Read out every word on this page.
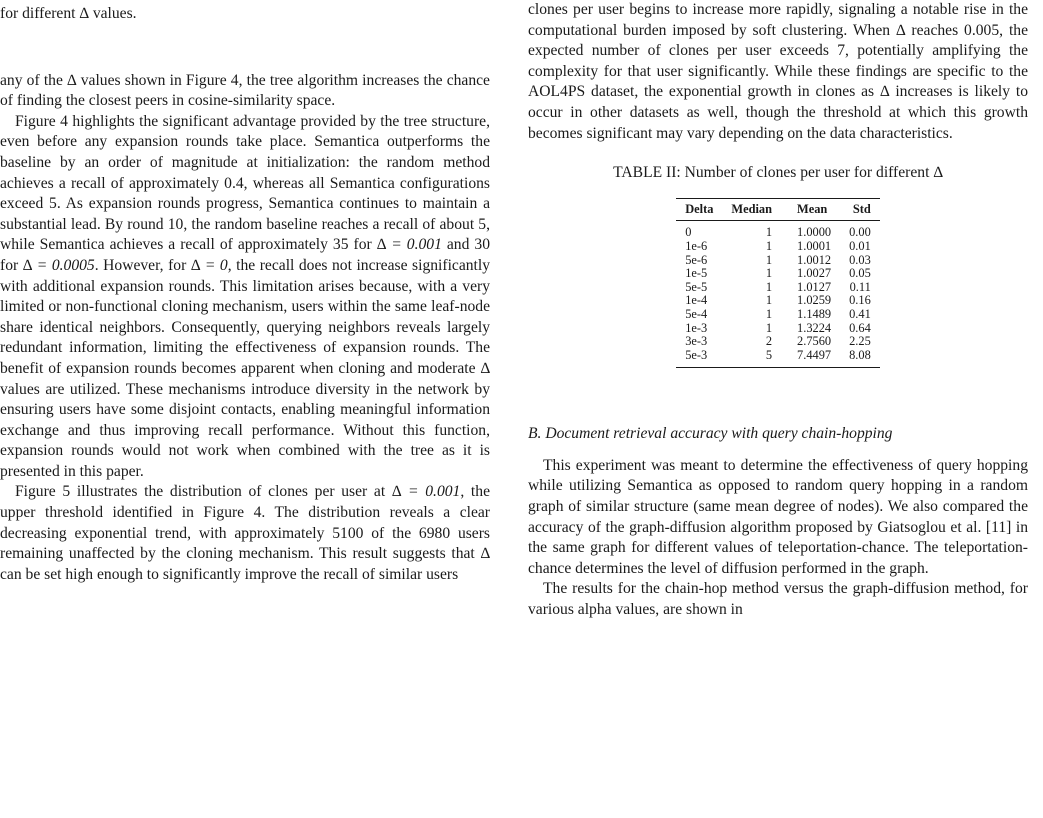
for different ∆ values.

any of the ∆ values shown in Figure 4, the tree algorithm increases the chance of finding the closest peers in cosine-similarity space.

Figure 4 highlights the significant advantage provided by the tree structure, even before any expansion rounds take place. Semantica outperforms the baseline by an order of magnitude at initialization: the random method achieves a recall of approximately 0.4, whereas all Semantica configurations exceed 5. As expansion rounds progress, Semantica continues to maintain a substantial lead. By round 10, the random baseline reaches a recall of about 5, while Semantica achieves a recall of approximately 35 for ∆ = 0.001 and 30 for ∆ = 0.0005. However, for ∆ = 0, the recall does not increase significantly with additional expansion rounds. This limitation arises because, with a very limited or non-functional cloning mechanism, users within the same leaf-node share identical neighbors. Consequently, querying neighbors reveals largely redundant information, limiting the effectiveness of expansion rounds. The benefit of expansion rounds becomes apparent when cloning and moderate ∆ values are utilized. These mechanisms introduce diversity in the network by ensuring users have some disjoint contacts, enabling meaningful information exchange and thus improving recall performance. Without this function, expansion rounds would not work when combined with the tree as it is presented in this paper.

Figure 5 illustrates the distribution of clones per user at ∆ = 0.001, the upper threshold identified in Figure 4. The distribution reveals a clear decreasing exponential trend, with approximately 5100 of the 6980 users remaining unaffected by the cloning mechanism. This result suggests that ∆ can be set high enough to significantly improve the recall of similar users

clones per user begins to increase more rapidly, signaling a notable rise in the computational burden imposed by soft clustering. When ∆ reaches 0.005, the expected number of clones per user exceeds 7, potentially amplifying the complexity for that user significantly. While these findings are specific to the AOL4PS dataset, the exponential growth in clones as ∆ increases is likely to occur in other datasets as well, though the threshold at which this growth becomes significant may vary depending on the data characteristics.

TABLE II: Number of clones per user for different ∆
Delta	Median	Mean	Std
0	1	1.0000	0.00
1e-6	1	1.0001	0.01
5e-6	1	1.0012	0.03
1e-5	1	1.0027	0.05
5e-5	1	1.0127	0.11
1e-4	1	1.0259	0.16
5e-4	1	1.1489	0.41
1e-3	1	1.3224	0.64
3e-3	2	2.7560	2.25
5e-3	5	7.4497	8.08
B. Document retrieval accuracy with query chain-hopping

This experiment was meant to determine the effectiveness of query hopping while utilizing Semantica as opposed to random query hopping in a random graph of similar structure (same mean degree of nodes). We also compared the accuracy of the graph-diffusion algorithm proposed by Giatsoglou et al. [11] in the same graph for different values of teleportation-chance. The teleportation-chance determines the level of diffusion performed in the graph.

The results for the chain-hop method versus the graph-diffusion method, for various alpha values, are shown in
